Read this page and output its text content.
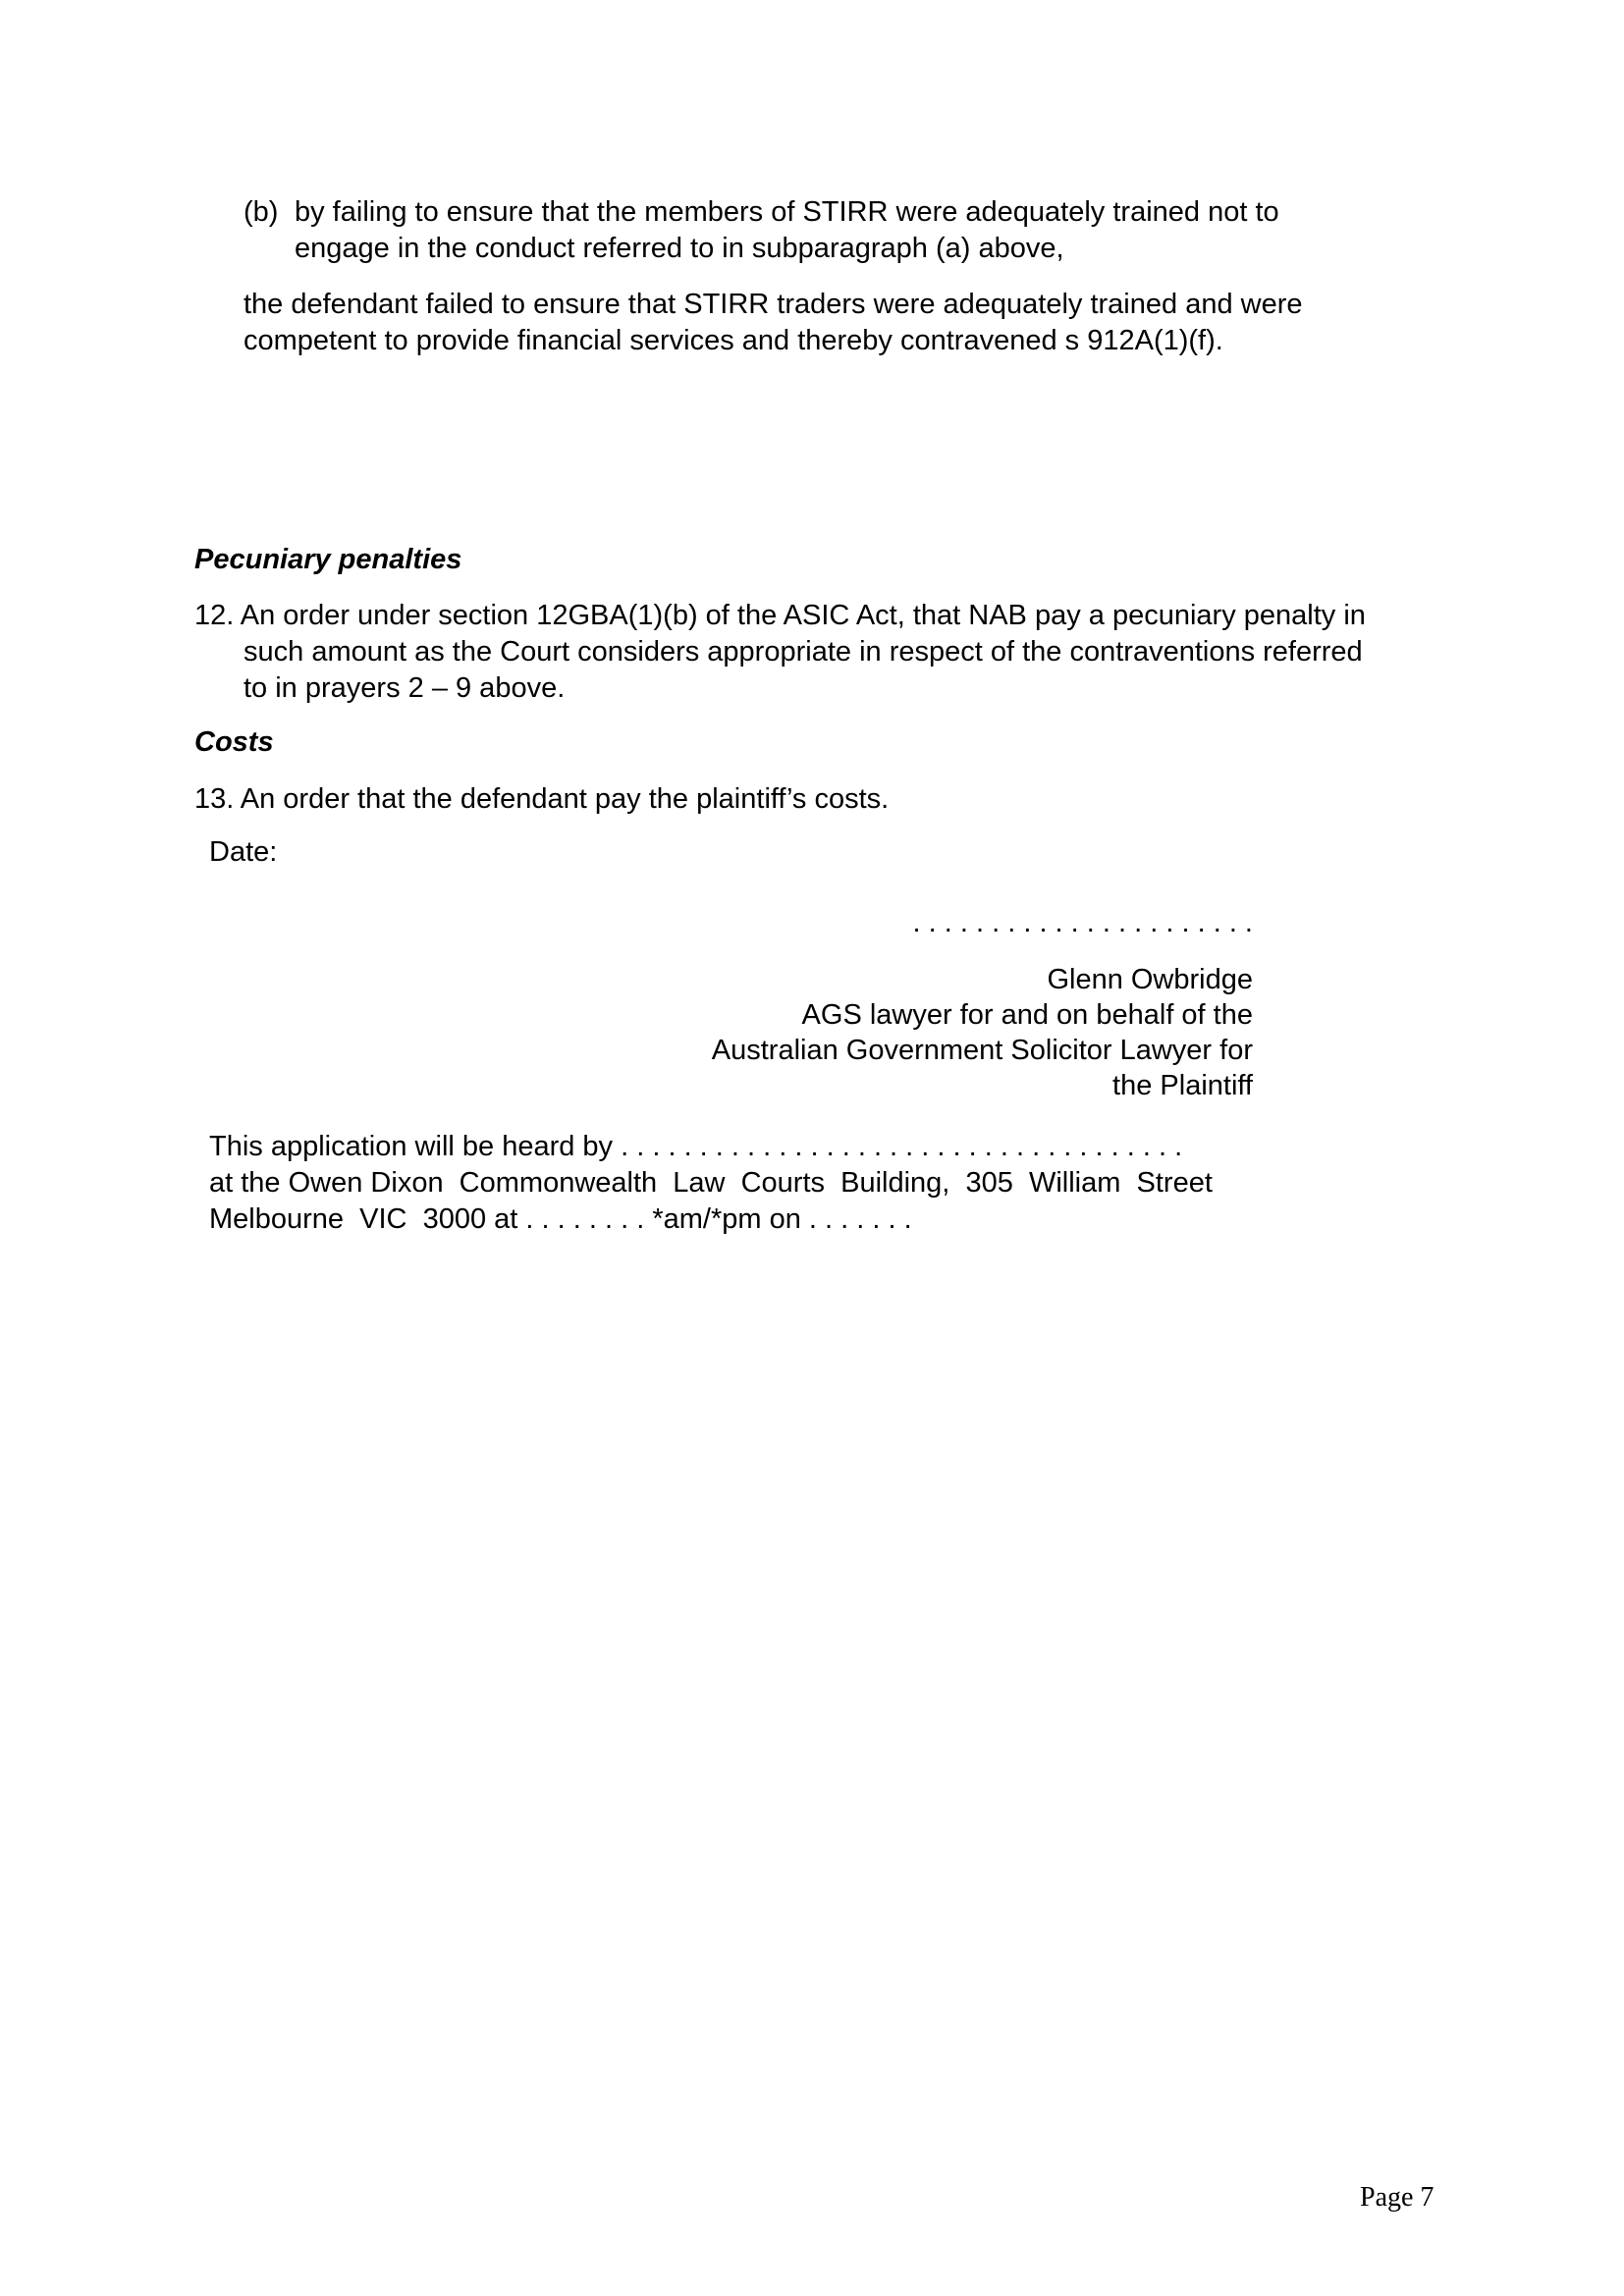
(b) by failing to ensure that the members of STIRR were adequately trained not to
engage in the conduct referred to in subparagraph (a) above,
the defendant failed to ensure that STIRR traders were adequately trained and were
competent to provide financial services and thereby contravened s 912A(1)(f).
Pecuniary penalties
12. An order under section 12GBA(1)(b) of the ASIC Act, that NAB pay a pecuniary penalty in
such amount as the Court considers appropriate in respect of the contraventions referred
to in prayers 2 – 9 above.
Costs
13. An order that the defendant pay the plaintiff’s costs.
Date:
. . . . . . . . . . . . . . . . . . . . . .
Glenn Owbridge
AGS lawyer for and on behalf of the
Australian Government Solicitor Lawyer for
the Plaintiff
This application will be heard by . . . . . . . . . . . . . . . . . . . . . . . . . . . . . . . . . . . .
at the Owen Dixon  Commonwealth  Law  Courts  Building,  305  William  Street
Melbourne  VIC  3000 at . . . . . . . . *am/*pm on . . . . . . .
Page 7
